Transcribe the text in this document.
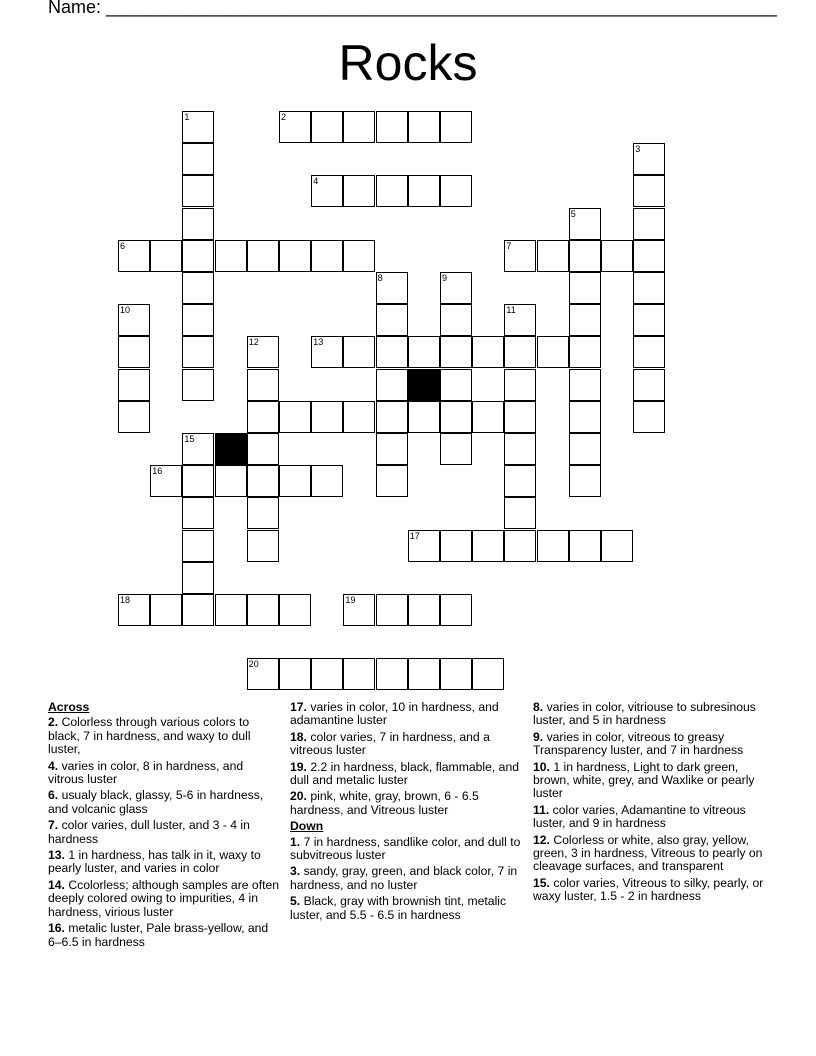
Name: ___________________________________________________________________
Rocks
2
4
6	7
13
16
17
18	19
20
1
3
5
8	9
10	11
12
15
Across
2. Colorless through various colors to black, 7 in hardness, and waxy to dull luster,
4. varies in color, 8 in hardness, and vitrous luster
6. usualy black, glassy, 5-6 in hardness, and volcanic glass
7. color varies, dull luster, and 3 - 4 in hardness
13. 1 in hardness, has talk in it, waxy to pearly luster, and varies in color
14. Ccolorless; although samples are often deeply colored owing to impurities, 4 in hardness, virious luster
16. metalic luster, Pale brass-yellow, and 6–6.5 in hardness
17. varies in color, 10 in hardness, and adamantine luster
18. color varies, 7 in hardness, and a vitreous luster
19. 2.2 in hardness, black, flammable, and dull and metalic luster
20. pink, white, gray, brown, 6 - 6.5 hardness, and Vitreous luster
Down
1. 7 in hardness, sandlike color, and dull to subvitreous luster
3. sandy, gray, green, and black color, 7 in hardness, and no luster
5. Black, gray with brownish tint, metalic luster, and 5.5 - 6.5 in hardness
8. varies in color, vitriouse to subresinous luster, and 5 in hardness
9. varies in color, vitreous to greasy Transparency luster, and 7 in hardness
10. 1 in hardness, Light to dark green, brown, white, grey, and Waxlike or pearly luster
11. color varies, Adamantine to vitreous luster, and 9 in hardness
12. Colorless or white, also gray, yellow, green, 3 in hardness, Vitreous to pearly on cleavage surfaces, and transparent
15. color varies, Vitreous to silky, pearly, or waxy luster, 1.5 - 2 in hardness
